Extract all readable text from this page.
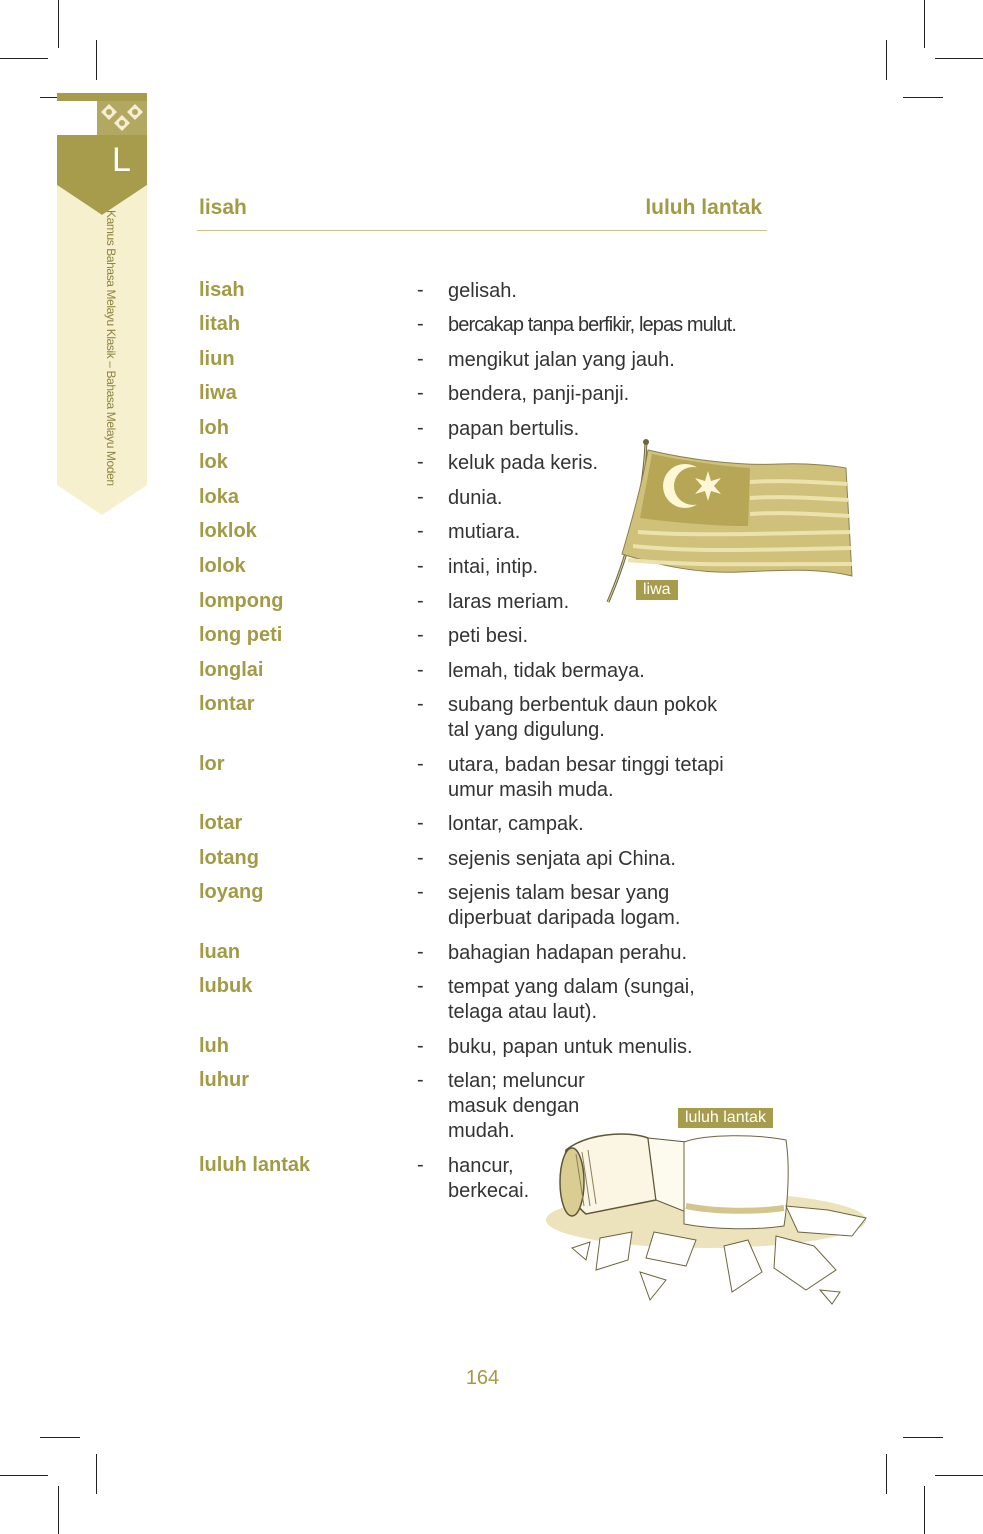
L
Kamus Bahasa Melayu Klasik – Bahasa Melayu Moden
lisah	luluh lantak
lisah	- gelisah.
litah	- bercakap tanpa berfikir, lepas mulut.
liun	- mengikut jalan yang jauh.
liwa	- bendera, panji-panji.
loh	- papan bertulis.
lok	- keluk pada keris.
loka	- dunia.
loklok	- mutiara.
lolok	- intai, intip.
lompong	- laras meriam.
long peti	- peti besi.
longlai	- lemah, tidak bermaya.
lontar	- subang berbentuk daun pokok
tal yang digulung.
lor	- utara, badan besar tinggi tetapi
umur masih muda.
lotar	- lontar, campak.
lotang	- sejenis senjata api China.
loyang	- sejenis talam besar yang
diperbuat daripada logam.
luan	- bahagian hadapan perahu.
lubuk	- tempat yang dalam (sungai,
telaga atau laut).
luh	- buku, papan untuk menulis.
luhur	- telan; meluncur
masuk dengan
mudah.
luluh lantak	- hancur,
berkecai.
liwa
luluh lantak
164
